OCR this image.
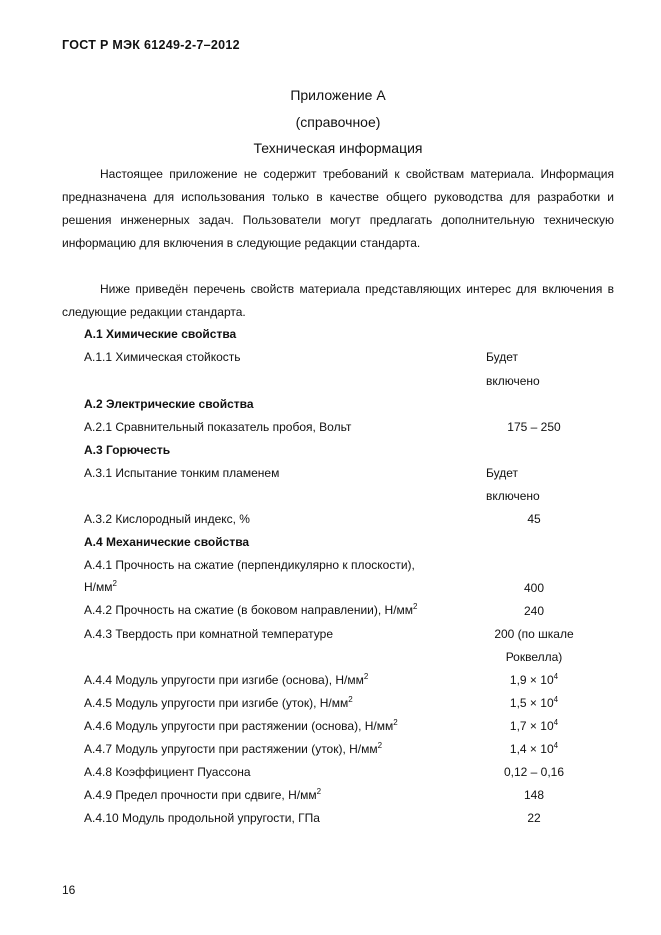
ГОСТ Р МЭК 61249-2-7–2012
Приложение А
(справочное)
Техническая информация
Настоящее приложение не содержит требований к свойствам материала. Информация предназначена для использования только в качестве общего руководства для разработки и решения инженерных задач. Пользователи могут предлагать дополнительную техническую информацию для включения в следующие редакции стандарта.
Ниже приведён перечень свойств материала представляющих интерес для включения в следующие редакции стандарта.
А.1 Химические свойства
А.1.1 Химическая стойкость	Будет
включено
А.2 Электрические свойства
А.2.1 Сравнительный показатель пробоя, Вольт	175 – 250
А.3 Горючесть
А.3.1 Испытание тонким пламенем	Будет
включено
А.3.2 Кислородный индекс, %	45
А.4 Механические свойства
А.4.1 Прочность на сжатие (перпендикулярно к плоскости),
$Н/мм^2$	400
А.4.2 Прочность на сжатие (в боковом направлении), $Н/мм^2$	240
А.4.3 Твердость при комнатной температуре	200 (по шкале
Роквелла)
А.4.4 Модуль упругости при изгибе (основа), $Н/мм^2$	$1,9 \times 10^4$
А.4.5 Модуль упругости при изгибе (уток), $Н/мм^2$	$1,5 \times 10^4$
А.4.6 Модуль упругости при растяжении (основа), $Н/мм^2$	$1,7 \times 10^4$
А.4.7 Модуль упругости при растяжении (уток), $Н/мм^2$	$1,4 \times 10^4$
А.4.8 Коэффициент Пуассона	0,12 – 0,16
А.4.9 Предел прочности при сдвиге, $Н/мм^2$	148
А.4.10 Модуль продольной упругости, ГПа	22
16
